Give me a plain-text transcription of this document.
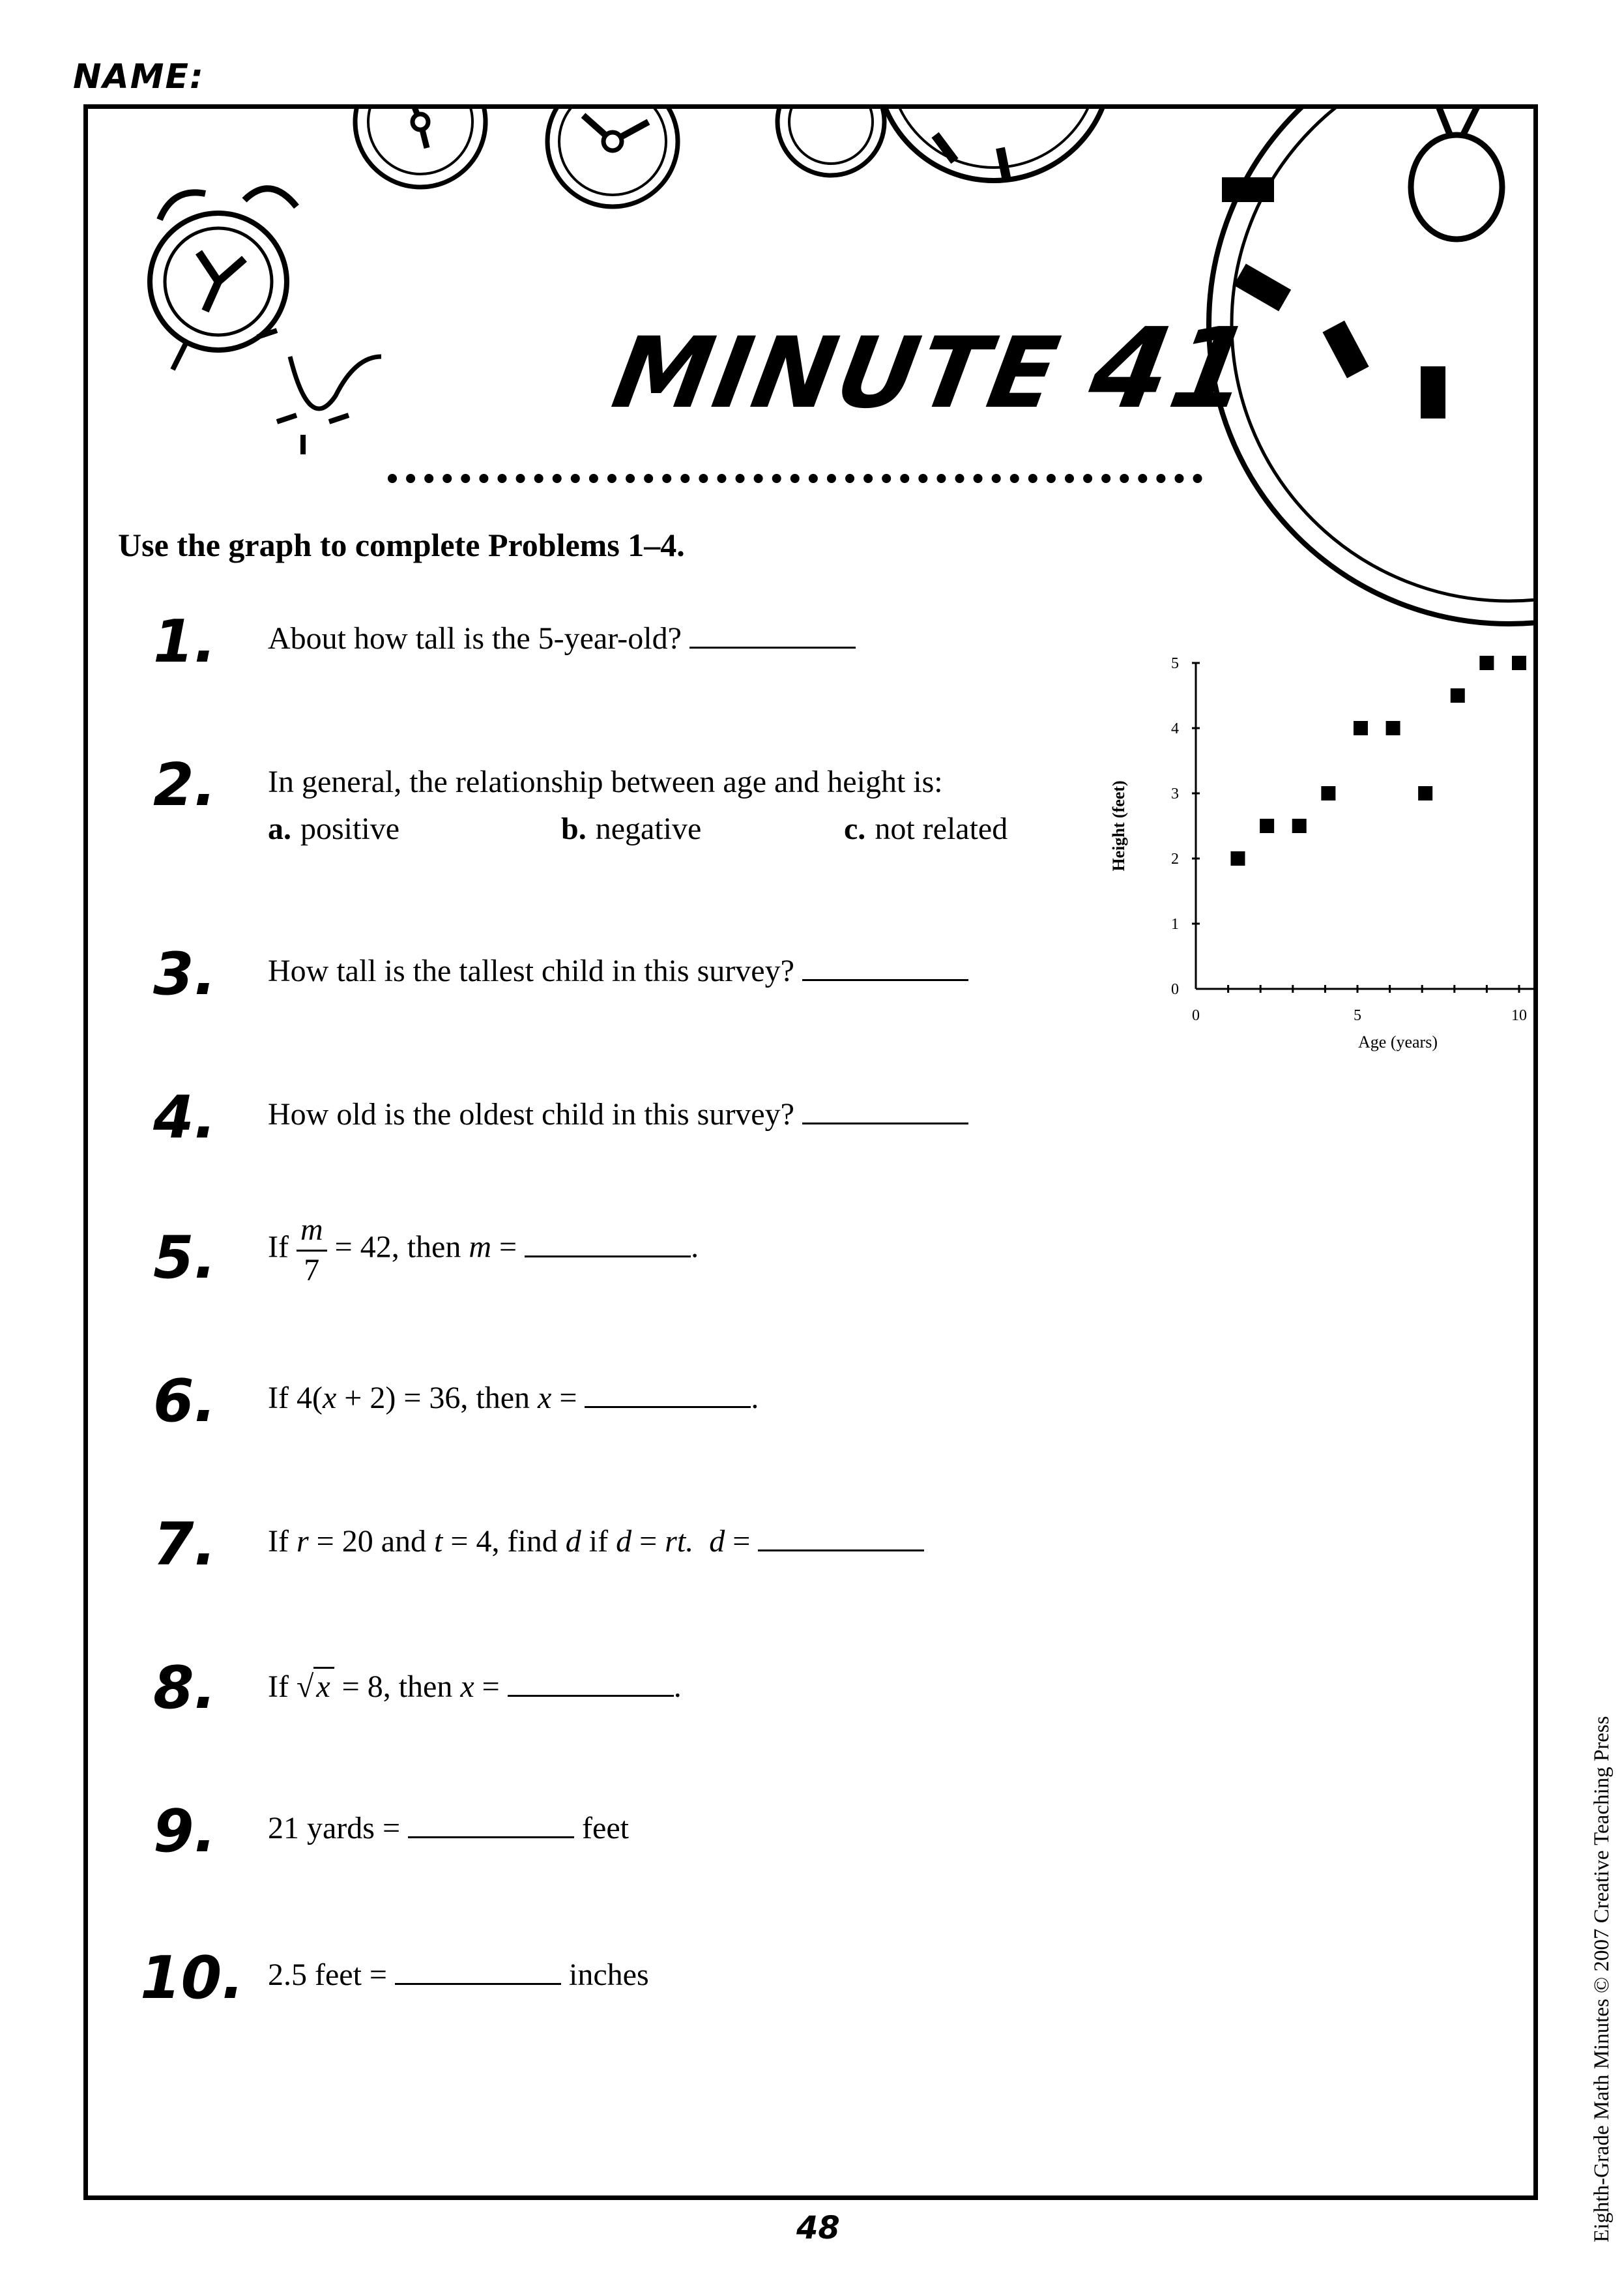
NAME:
MINUTE 41
Use the graph to complete Problems 1–4.
1. About how tall is the 5-year-old?
2. In general, the relationship between age and height is:
a. positive	b. negative	c. not related
3. How tall is the tallest child in this survey?
4. How old is the oldest child in this survey?
5. If $\frac{m}{7} = 42$, then m =	.
6. If 4(x + 2) = 36, then x =	.
7. If r = 20 and t = 4, find d if d = rt. d =
8. If √x = 8, then x =	.
9. 21 yards =	feet
10. 2.5 feet =	inches
0	5	10
0
1
2
3
4
5
Age (years)
Height (feet)
48	Eighth-Grade Math Minutes © 2007 Creative Teaching Press
